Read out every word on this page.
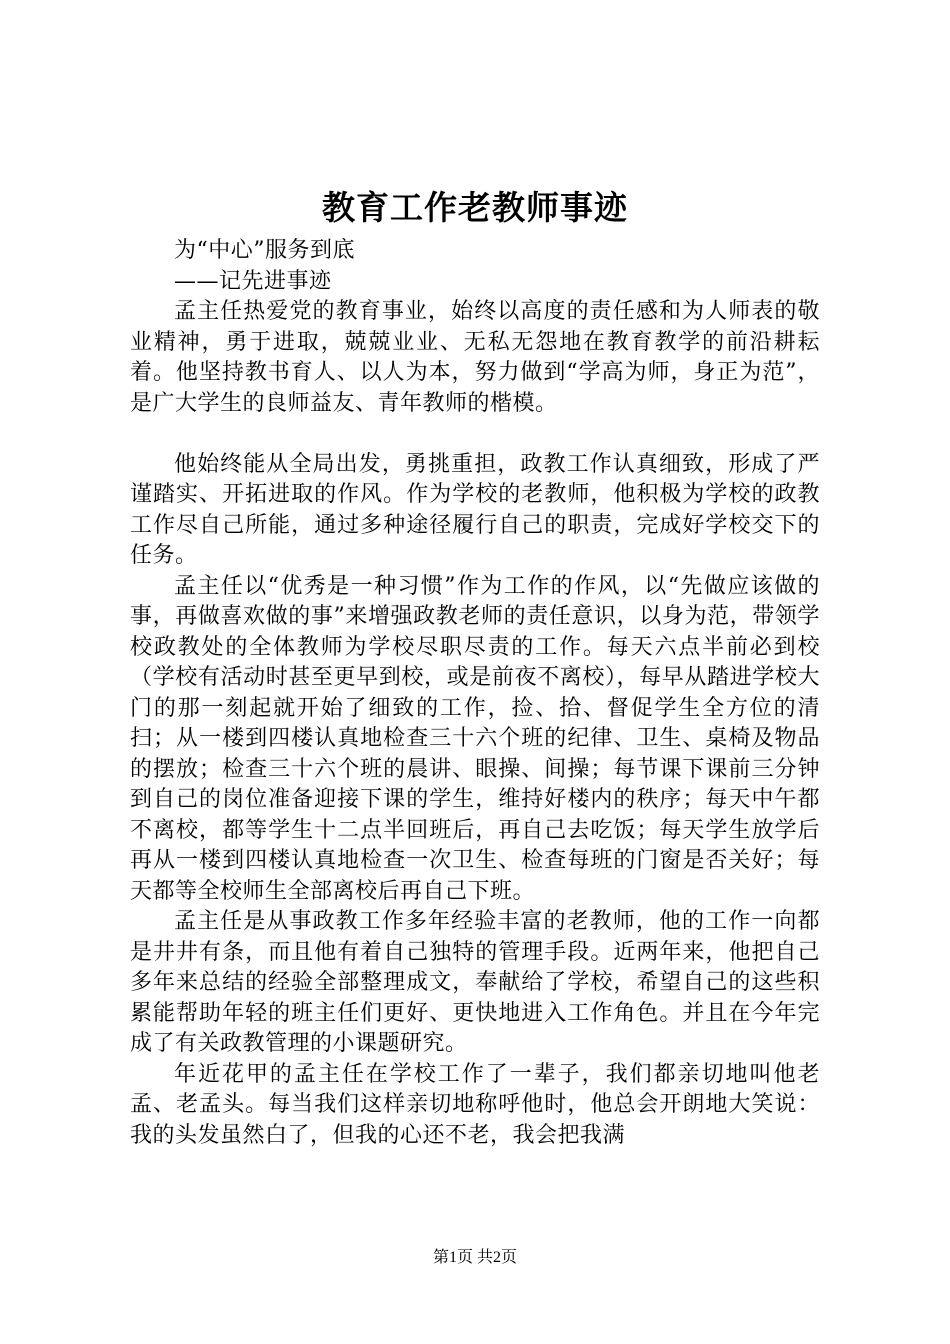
教育工作老教师事迹

为“中心”服务到底

——记先进事迹

孟主任热爱党的教育事业，始终以高度的责任感和为人师表的敬业精神，勇于进取，兢兢业业、无私无怨地在教育教学的前沿耕耘着。他坚持教书育人、以人为本，努力做到“学高为师，身正为范”，是广大学生的良师益友、青年教师的楷模。

他始终能从全局出发，勇挑重担，政教工作认真细致，形成了严谨踏实、开拓进取的作风。作为学校的老教师，他积极为学校的政教工作尽自己所能，通过多种途径履行自己的职责，完成好学校交下的任务。

孟主任以“优秀是一种习惯”作为工作的作风，以“先做应该做的事，再做喜欢做的事”来增强政教老师的责任意识，以身为范，带领学校政教处的全体教师为学校尽职尽责的工作。每天六点半前必到校（学校有活动时甚至更早到校，或是前夜不离校），每早从踏进学校大门的那一刻起就开始了细致的工作，捡、拾、督促学生全方位的清扫；从一楼到四楼认真地检查三十六个班的纪律、卫生、桌椅及物品的摆放；检查三十六个班的晨讲、眼操、间操；每节课下课前三分钟到自己的岗位准备迎接下课的学生，维持好楼内的秩序；每天中午都不离校，都等学生十二点半回班后，再自己去吃饭；每天学生放学后再从一楼到四楼认真地检查一次卫生、检查每班的门窗是否关好；每天都等全校师生全部离校后再自己下班。

孟主任是从事政教工作多年经验丰富的老教师，他的工作一向都是井井有条，而且他有着自己独特的管理手段。近两年来，他把自己多年来总结的经验全部整理成文，奉献给了学校，希望自己的这些积累能帮助年轻的班主任们更好、更快地进入工作角色。并且在今年完成了有关政教管理的小课题研究。

年近花甲的孟主任在学校工作了一辈子，我们都亲切地叫他老孟、老孟头。每当我们这样亲切地称呼他时，他总会开朗地大笑说：我的头发虽然白了，但我的心还不老，我会把我满

第1页 共2页
